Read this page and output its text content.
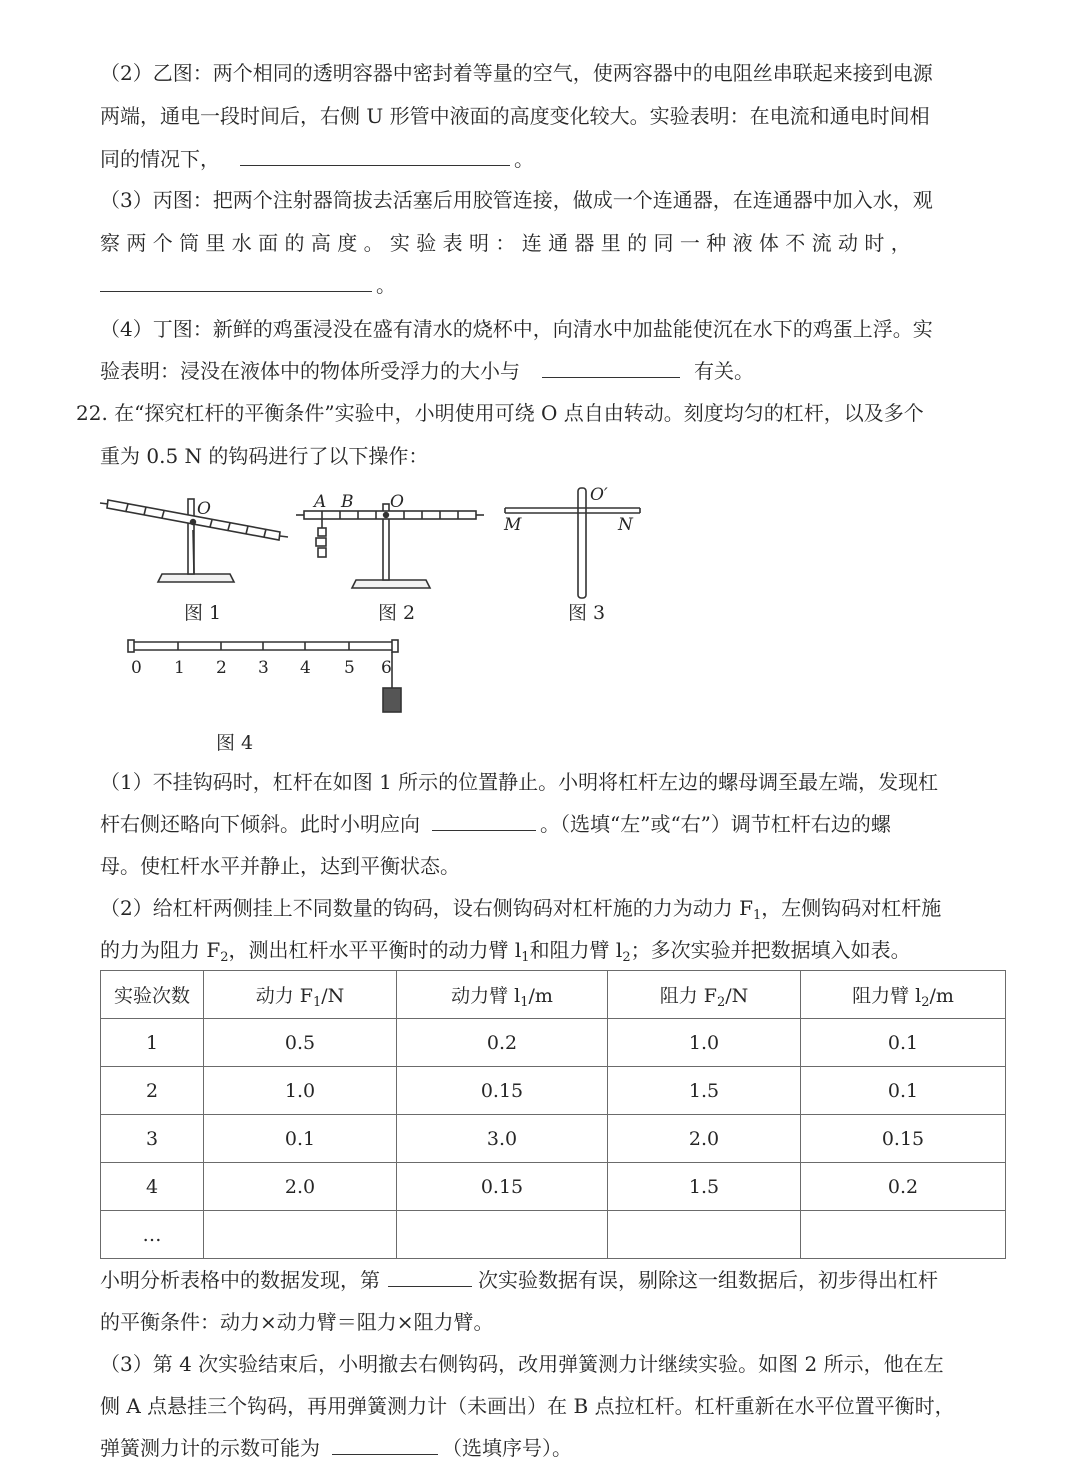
（2）乙图：两个相同的透明容器中密封着等量的空气，使两容器中的电阻丝串联起来接到电源
两端，通电一段时间后，右侧 U 形管中液面的高度变化较大。实验表明：在电流和通电时间相
同的情况下，	。
（3）丙图：把两个注射器筒拔去活塞后用胶管连接，做成一个连通器，在连通器中加入水，观
察 两 个 筒 里 水 面 的 高 度 。 实 验 表 明 ： 连 通 器 里 的 同 一 种 液 体 不 流 动 时 ，
。
（4）丁图：新鲜的鸡蛋浸没在盛有清水的烧杯中，向清水中加盐能使沉在水下的鸡蛋上浮。实
验表明：浸没在液体中的物体所受浮力的大小与	有关。
22. 在“探究杠杆的平衡条件”实验中，小明使用可绕 O 点自由转动。刻度均匀的杠杆，以及多个
重为 0.5 N 的钩码进行了以下操作：
O	A B O	O′
M	N
0 1 2 3 4 5 6
图 1	图 2	图 3
图 4
（1）不挂钩码时，杠杆在如图 1 所示的位置静止。小明将杠杆左边的螺母调至最左端，发现杠
杆右侧还略向下倾斜。此时小明应向	。（选填“左”或“右”）调节杠杆右边的螺
母。使杠杆水平并静止，达到平衡状态。
（2）给杠杆两侧挂上不同数量的钩码，设右侧钩码对杠杆施的力为动力 $F_1$，左侧钩码对杠杆施
的力为阻力 $F_2$，测出杠杆水平平衡时的动力臂 $l_1$和阻力臂 $l_2$；多次实验并把数据填入如表。
实验次数	动力 $F_1/N$	动力臂 $l_1/m$	阻力 $F_2/N$	阻力臂 $l_2/m$
1	0.5	0.2	1.0	0.1
2	1.0	0.15	1.5	0.1
3	0.1	3.0	2.0	0.15
4	2.0	0.15	1.5	0.2
…				
小明分析表格中的数据发现，第	次实验数据有误，剔除这一组数据后，初步得出杠杆
的平衡条件：动力×动力臂＝阻力×阻力臂。
（3）第 4 次实验结束后，小明撤去右侧钩码，改用弹簧测力计继续实验。如图 2 所示，他在左
侧 A 点悬挂三个钩码，再用弹簧测力计（未画出）在 B 点拉杠杆。杠杆重新在水平位置平衡时，
弹簧测力计的示数可能为	（选填序号）。
